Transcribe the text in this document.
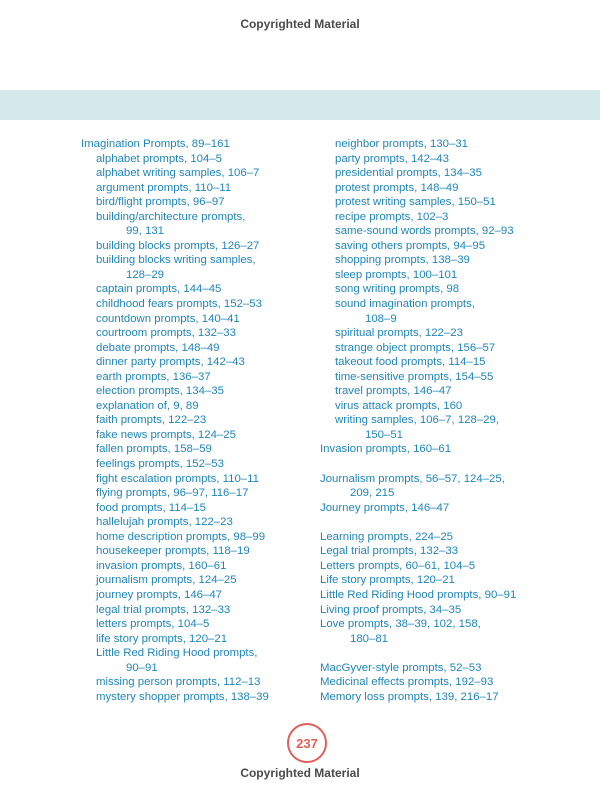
Copyrighted Material
Imagination Prompts, 89–161
alphabet prompts, 104–5
alphabet writing samples, 106–7
argument prompts, 110–11
bird/flight prompts, 96–97
building/architecture prompts,
99, 131
building blocks prompts, 126–27
building blocks writing samples,
128–29
captain prompts, 144–45
childhood fears prompts, 152–53
countdown prompts, 140–41
courtroom prompts, 132–33
debate prompts, 148–49
dinner party prompts, 142–43
earth prompts, 136–37
election prompts, 134–35
explanation of, 9, 89
faith prompts, 122–23
fake news prompts, 124–25
fallen prompts, 158–59
feelings prompts, 152–53
fight escalation prompts, 110–11
flying prompts, 96–97, 116–17
food prompts, 114–15
hallelujah prompts, 122–23
home description prompts, 98–99
housekeeper prompts, 118–19
invasion prompts, 160–61
journalism prompts, 124–25
journey prompts, 146–47
legal trial prompts, 132–33
letters prompts, 104–5
life story prompts, 120–21
Little Red Riding Hood prompts,
90–91
missing person prompts, 112–13
mystery shopper prompts, 138–39
neighbor prompts, 130–31
party prompts, 142–43
presidential prompts, 134–35
protest prompts, 148–49
protest writing samples, 150–51
recipe prompts, 102–3
same-sound words prompts, 92–93
saving others prompts, 94–95
shopping prompts, 138–39
sleep prompts, 100–101
song writing prompts, 98
sound imagination prompts,
108–9
spiritual prompts, 122–23
strange object prompts, 156–57
takeout food prompts, 114–15
time-sensitive prompts, 154–55
travel prompts, 146–47
virus attack prompts, 160
writing samples, 106–7, 128–29,
150–51
Invasion prompts, 160–61
Journalism prompts, 56–57, 124–25,
209, 215
Journey prompts, 146–47
Learning prompts, 224–25
Legal trial prompts, 132–33
Letters prompts, 60–61, 104–5
Life story prompts, 120–21
Little Red Riding Hood prompts, 90–91
Living proof prompts, 34–35
Love prompts, 38–39, 102, 158,
180–81
MacGyver-style prompts, 52–53
Medicinal effects prompts, 192–93
Memory loss prompts, 139, 216–17
237
Copyrighted Material
